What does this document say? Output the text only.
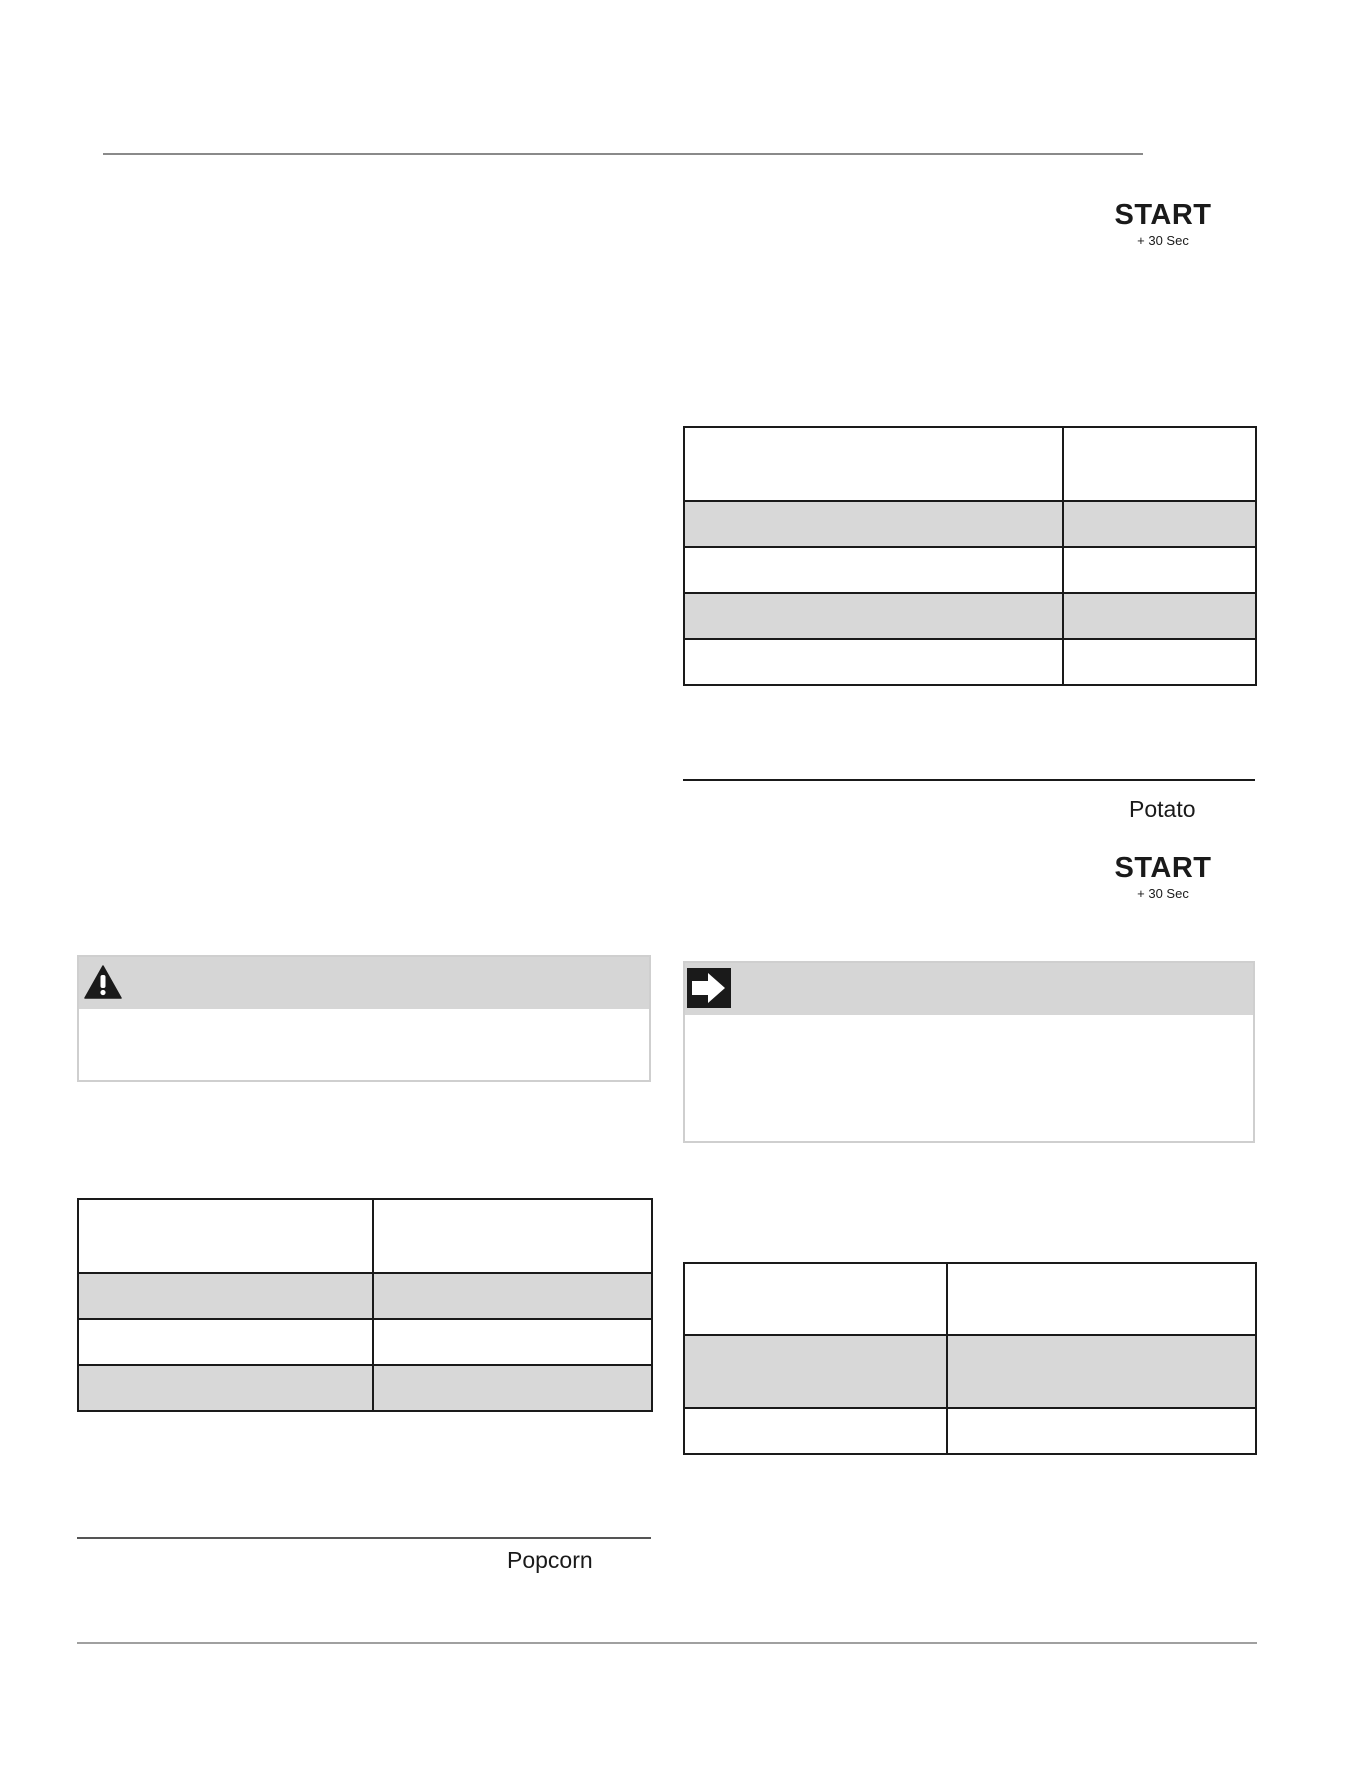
START
+ 30 Sec

Potato
START
+ 30 Sec

Popcorn
